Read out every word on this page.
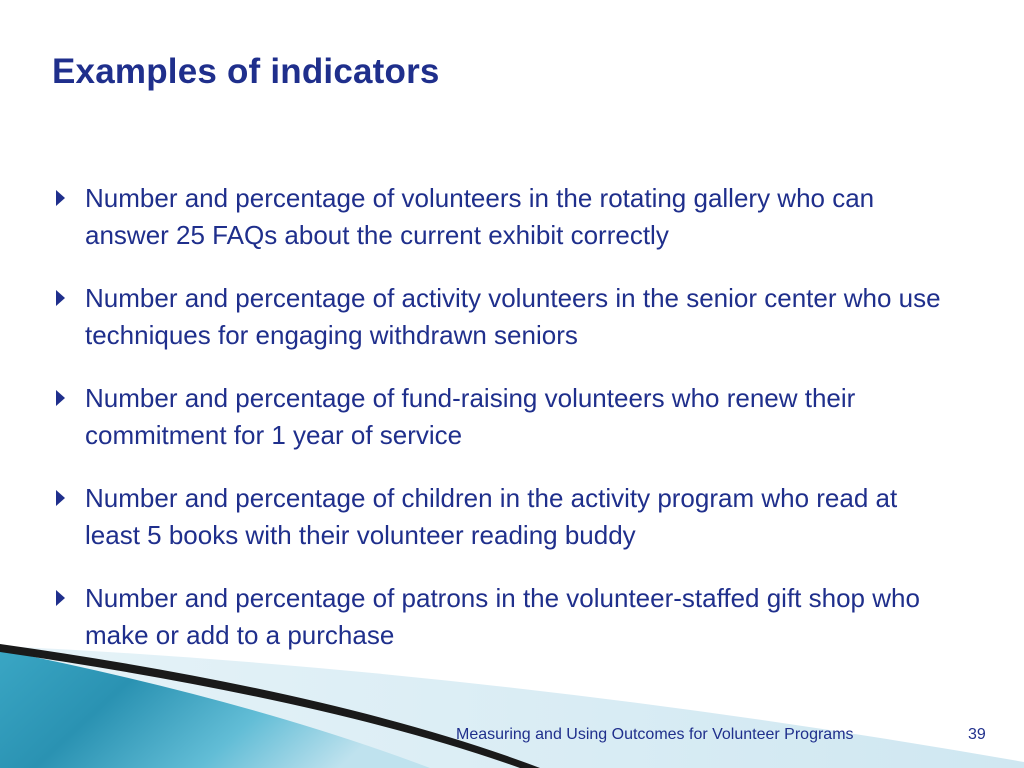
Examples of indicators
Number and percentage of volunteers in the rotating gallery who can answer 25 FAQs about the current exhibit correctly
Number and percentage of activity volunteers in the senior center who use techniques for engaging withdrawn seniors
Number and percentage of fund-raising volunteers who renew their commitment for 1 year of service
Number and percentage of children in the activity program who read at least 5 books with their volunteer reading buddy
Number and percentage of patrons in the volunteer-staffed gift shop who make or add to a purchase
Measuring and Using Outcomes for Volunteer Programs	39
